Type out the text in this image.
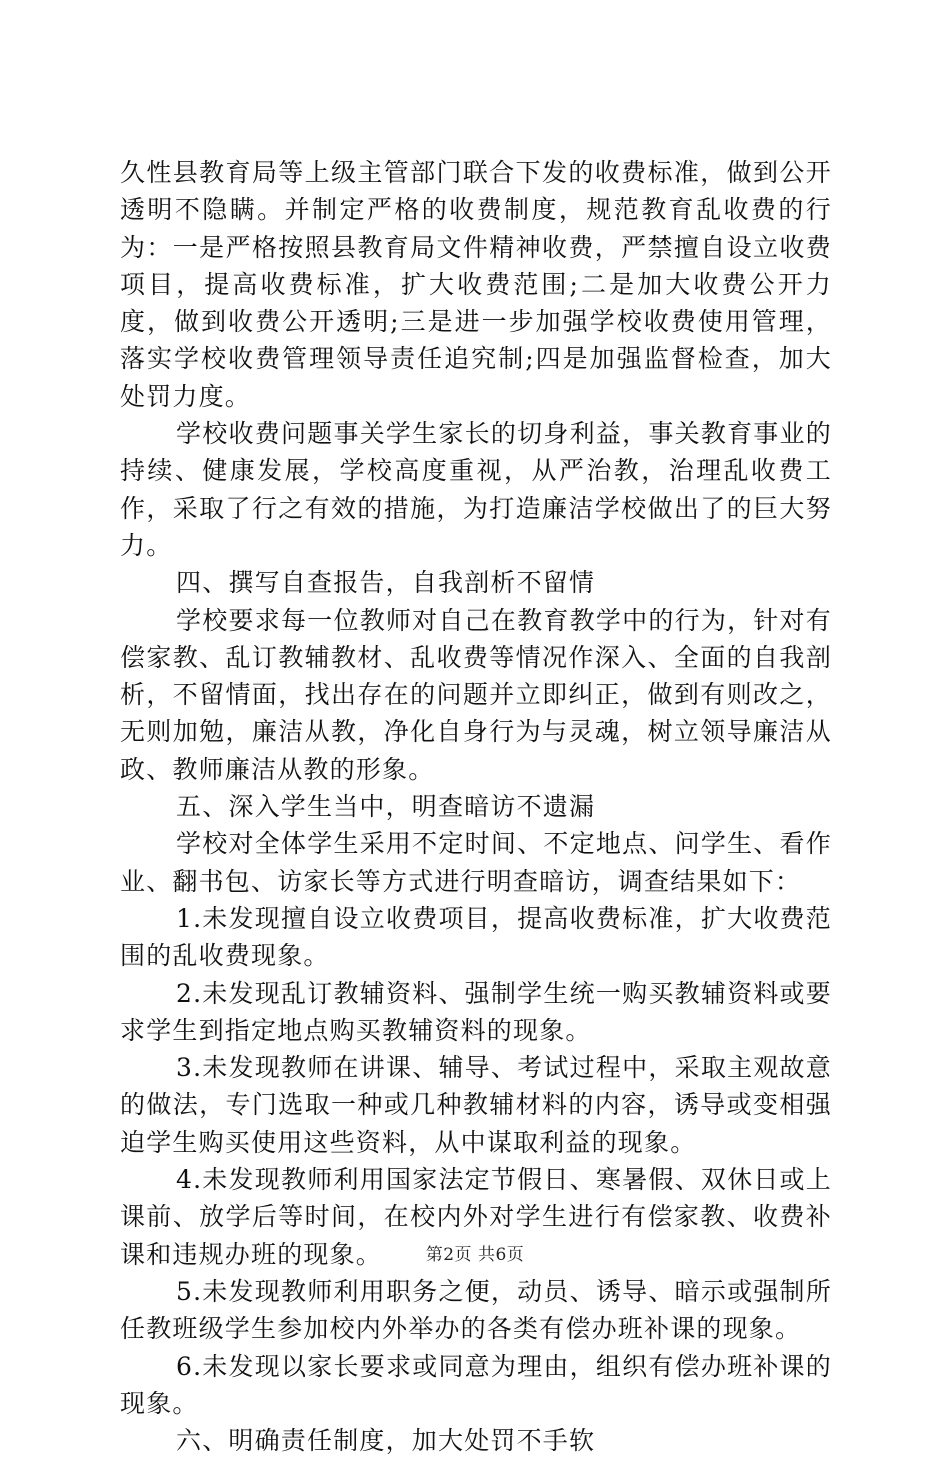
久性县教育局等上级主管部门联合下发的收费标准，做到公开透明不隐瞒。并制定严格的收费制度，规范教育乱收费的行为：一是严格按照县教育局文件精神收费，严禁擅自设立收费项目，提高收费标准，扩大收费范围;二是加大收费公开力度，做到收费公开透明;三是进一步加强学校收费使用管理，落实学校收费管理领导责任追究制;四是加强监督检查，加大处罚力度。

学校收费问题事关学生家长的切身利益，事关教育事业的持续、健康发展，学校高度重视，从严治教，治理乱收费工作，采取了行之有效的措施，为打造廉洁学校做出了的巨大努力。

四、撰写自查报告，自我剖析不留情

学校要求每一位教师对自己在教育教学中的行为，针对有偿家教、乱订教辅教材、乱收费等情况作深入、全面的自我剖析，不留情面，找出存在的问题并立即纠正，做到有则改之，无则加勉，廉洁从教，净化自身行为与灵魂，树立领导廉洁从政、教师廉洁从教的形象。

五、深入学生当中，明查暗访不遗漏

学校对全体学生采用不定时间、不定地点、问学生、看作业、翻书包、访家长等方式进行明查暗访，调查结果如下：

1.未发现擅自设立收费项目，提高收费标准，扩大收费范围的乱收费现象。

2.未发现乱订教辅资料、强制学生统一购买教辅资料或要求学生到指定地点购买教辅资料的现象。

3.未发现教师在讲课、辅导、考试过程中，采取主观故意的做法，专门选取一种或几种教辅材料的内容，诱导或变相强迫学生购买使用这些资料，从中谋取利益的现象。

4.未发现教师利用国家法定节假日、寒暑假、双休日或上课前、放学后等时间，在校内外对学生进行有偿家教、收费补课和违规办班的现象。

5.未发现教师利用职务之便，动员、诱导、暗示或强制所任教班级学生参加校内外举办的各类有偿办班补课的现象。

6.未发现以家长要求或同意为理由，组织有偿办班补课的现象。

六、明确责任制度，加大处罚不手软

第2页 共6页
